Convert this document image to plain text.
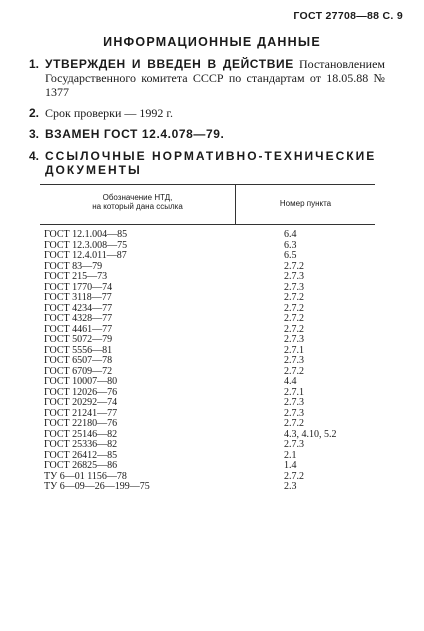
ГОСТ 27708—88 С. 9
ИНФОРМАЦИОННЫЕ ДАННЫЕ
1. УТВЕРЖДЕН И ВВЕДЕН В ДЕЙСТВИЕ Постановлением Государственного комитета СССР по стандартам от 18.05.88 № 1377
2. Срок проверки — 1992 г.
3. ВЗАМЕН ГОСТ 12.4.078—79.
4. ССЫЛОЧНЫЕ НОРМАТИВНО-ТЕХНИЧЕСКИЕ ДОКУМЕНТЫ
Обозначение НТД,
на который дана ссылка	Номер пункта
ГОСТ 12.1.004—85	6.4
ГОСТ 12.3.008—75	6.3
ГОСТ 12.4.011—87	6.5
ГОСТ 83—79	2.7.2
ГОСТ 215—73	2.7.3
ГОСТ 1770—74	2.7.3
ГОСТ 3118—77	2.7.2
ГОСТ 4234—77	2.7.2
ГОСТ 4328—77	2.7.2
ГОСТ 4461—77	2.7.2
ГОСТ 5072—79	2.7.3
ГОСТ 5556—81	2.7.1
ГОСТ 6507—78	2.7.3
ГОСТ 6709—72	2.7.2
ГОСТ 10007—80	4.4
ГОСТ 12026—76	2.7.1
ГОСТ 20292—74	2.7.3
ГОСТ 21241—77	2.7.3
ГОСТ 22180—76	2.7.2
ГОСТ 25146—82	4.3, 4.10, 5.2
ГОСТ 25336—82	2.7.3
ГОСТ 26412—85	2.1
ГОСТ 26825—86	1.4
ТУ 6—01 1156—78	2.7.2
ТУ 6—09—26—199—75	2.3
